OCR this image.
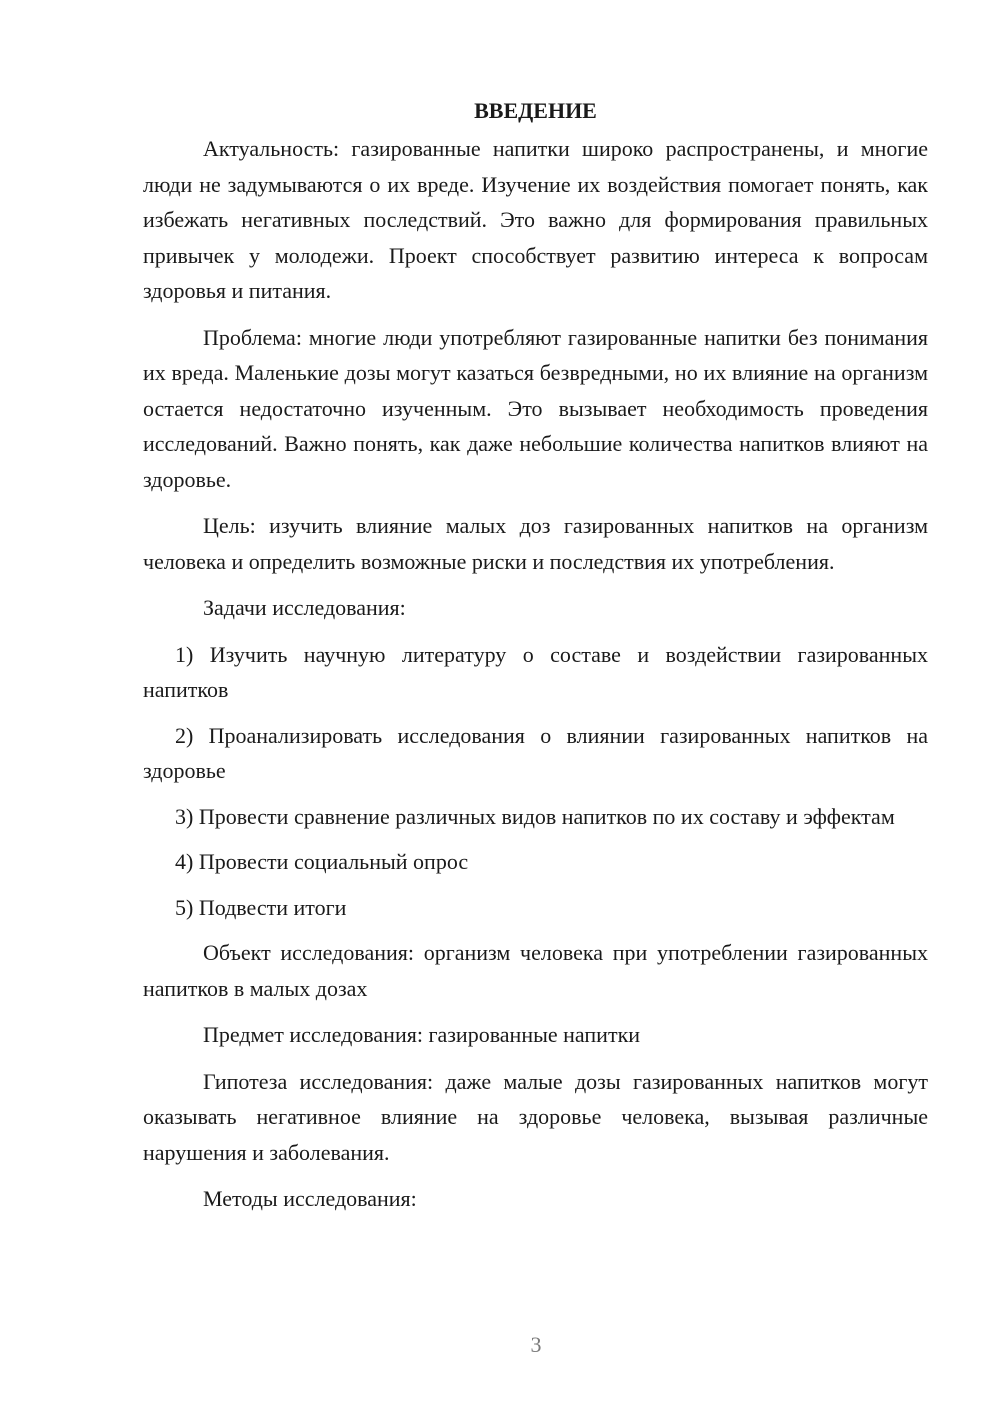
ВВЕДЕНИЕ

Актуальность: газированные напитки широко распространены, и многие люди не задумываются о их вреде. Изучение их воздействия помогает понять, как избежать негативных последствий. Это важно для формирования правильных привычек у молодежи. Проект способствует развитию интереса к вопросам здоровья и питания.

Проблема: многие люди употребляют газированные напитки без понимания их вреда. Маленькие дозы могут казаться безвредными, но их влияние на организм остается недостаточно изученным. Это вызывает необходимость проведения исследований. Важно понять, как даже небольшие количества напитков влияют на здоровье.

Цель: изучить влияние малых доз газированных напитков на организм человека и определить возможные риски и последствия их употребления.

Задачи исследования:

1) Изучить научную литературу о составе и воздействии газированных напитков

2) Проанализировать исследования о влиянии газированных напитков на здоровье

3) Провести сравнение различных видов напитков по их составу и эффектам

4) Провести социальный опрос

5) Подвести итоги

Объект исследования: организм человека при употреблении газированных напитков в малых дозах

Предмет исследования: газированные напитки

Гипотеза исследования: даже малые дозы газированных напитков могут оказывать негативное влияние на здоровье человека, вызывая различные нарушения и заболевания.

Методы исследования:

3
